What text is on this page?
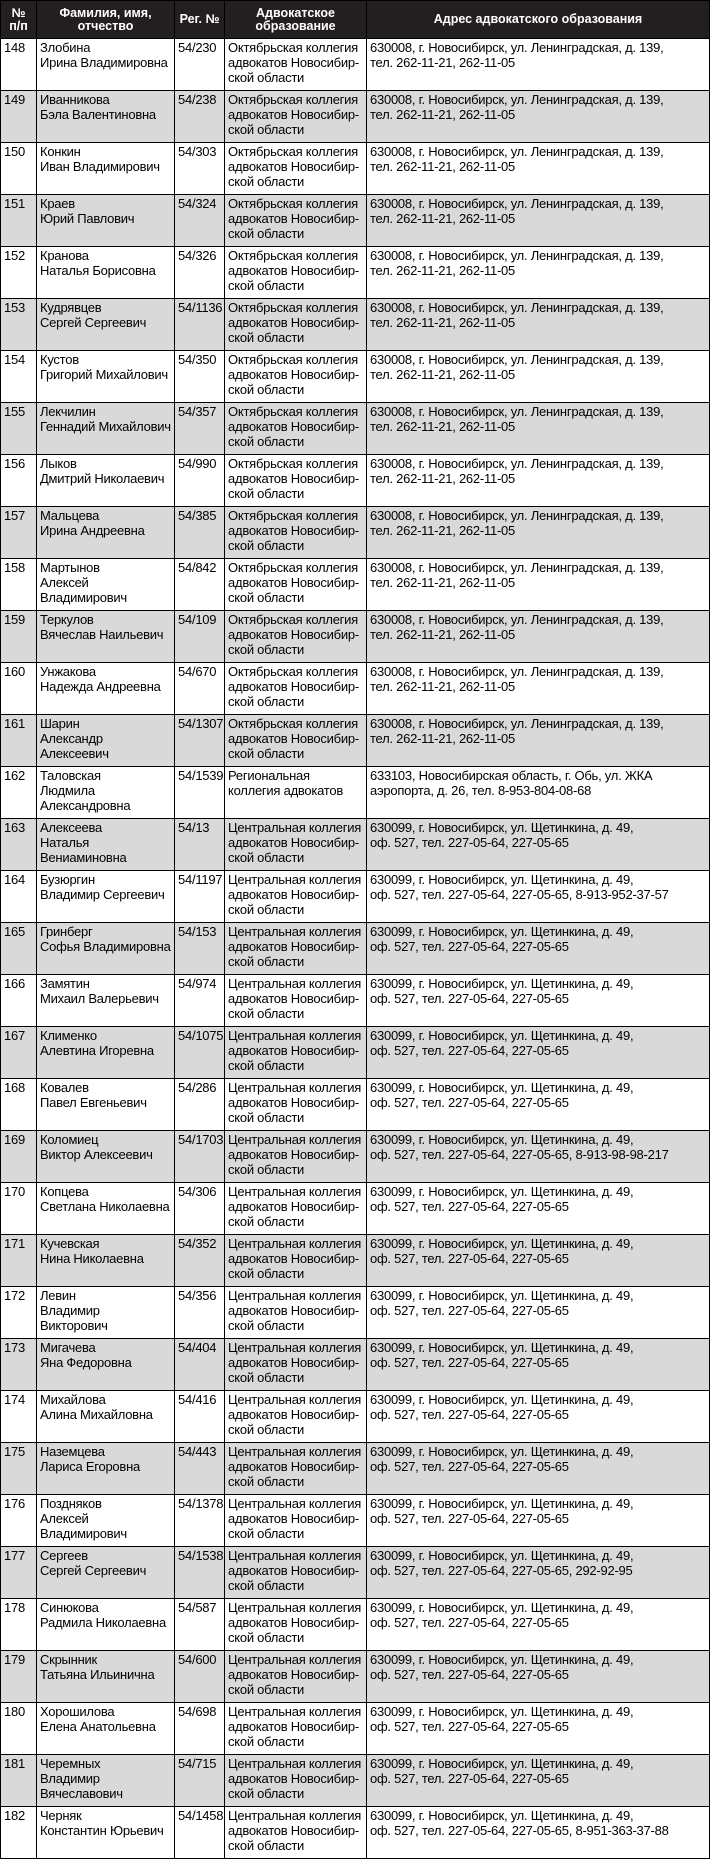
№
п/п	Фамилия, имя,
отчество	Рег. №	Адвокатское
образование	Адрес адвокатского образования

148	Злобина
Ирина Владимировна	54/230	Октябрьская коллегия
адвокатов Новосибир-
ской области	630008, г. Новосибирск, ул. Ленинградская, д. 139,
тел. 262-11-21, 262-11-05

149	Иванникова
Бэла Валентиновна	54/238	Октябрьская коллегия
адвокатов Новосибир-
ской области	630008, г. Новосибирск, ул. Ленинградская, д. 139,
тел. 262-11-21, 262-11-05

150	Конкин
Иван Владимирович	54/303	Октябрьская коллегия
адвокатов Новосибир-
ской области	630008, г. Новосибирск, ул. Ленинградская, д. 139,
тел. 262-11-21, 262-11-05

151	Краев
Юрий Павлович	54/324	Октябрьская коллегия
адвокатов Новосибир-
ской области	630008, г. Новосибирск, ул. Ленинградская, д. 139,
тел. 262-11-21, 262-11-05

152	Кранова
Наталья Борисовна	54/326	Октябрьская коллегия
адвокатов Новосибир-
ской области	630008, г. Новосибирск, ул. Ленинградская, д. 139,
тел. 262-11-21, 262-11-05

153	Кудрявцев
Сергей Сергеевич	54/1136	Октябрьская коллегия
адвокатов Новосибир-
ской области	630008, г. Новосибирск, ул. Ленинградская, д. 139,
тел. 262-11-21, 262-11-05

154	Кустов
Григорий Михайлович	54/350	Октябрьская коллегия
адвокатов Новосибир-
ской области	630008, г. Новосибирск, ул. Ленинградская, д. 139,
тел. 262-11-21, 262-11-05

155	Лекчилин
Геннадий Михайлович	54/357	Октябрьская коллегия
адвокатов Новосибир-
ской области	630008, г. Новосибирск, ул. Ленинградская, д. 139,
тел. 262-11-21, 262-11-05

156	Лыков
Дмитрий Николаевич	54/990	Октябрьская коллегия
адвокатов Новосибир-
ской области	630008, г. Новосибирск, ул. Ленинградская, д. 139,
тел. 262-11-21, 262-11-05

157	Мальцева
Ирина Андреевна	54/385	Октябрьская коллегия
адвокатов Новосибир-
ской области	630008, г. Новосибирск, ул. Ленинградская, д. 139,
тел. 262-11-21, 262-11-05

158	Мартынов
Алексей
Владимирович	54/842	Октябрьская коллегия
адвокатов Новосибир-
ской области	630008, г. Новосибирск, ул. Ленинградская, д. 139,
тел. 262-11-21, 262-11-05

159	Теркулов
Вячеслав Наильевич	54/109	Октябрьская коллегия
адвокатов Новосибир-
ской области	630008, г. Новосибирск, ул. Ленинградская, д. 139,
тел. 262-11-21, 262-11-05

160	Унжакова
Надежда Андреевна	54/670	Октябрьская коллегия
адвокатов Новосибир-
ской области	630008, г. Новосибирск, ул. Ленинградская, д. 139,
тел. 262-11-21, 262-11-05

161	Шарин
Александр
Алексеевич	54/1307	Октябрьская коллегия
адвокатов Новосибир-
ской области	630008, г. Новосибирск, ул. Ленинградская, д. 139,
тел. 262-11-21, 262-11-05

162	Таловская
Людмила
Александровна	54/1539	Региональная
коллегия адвокатов	633103, Новосибирская область, г. Обь, ул. ЖКА
аэропорта, д. 26, тел. 8-953-804-08-68

163	Алексеева
Наталья
Вениаминовна	54/13	Центральная коллегия
адвокатов Новосибир-
ской области	630099, г. Новосибирск, ул. Щетинкина, д. 49,
оф. 527, тел. 227-05-64, 227-05-65

164	Бузюргин
Владимир Сергеевич	54/1197	Центральная коллегия
адвокатов Новосибир-
ской области	630099, г. Новосибирск, ул. Щетинкина, д. 49,
оф. 527, тел. 227-05-64, 227-05-65, 8-913-952-37-57

165	Гринберг
Софья Владимировна	54/153	Центральная коллегия
адвокатов Новосибир-
ской области	630099, г. Новосибирск, ул. Щетинкина, д. 49,
оф. 527, тел. 227-05-64, 227-05-65

166	Замятин
Михаил Валерьевич	54/974	Центральная коллегия
адвокатов Новосибир-
ской области	630099, г. Новосибирск, ул. Щетинкина, д. 49,
оф. 527, тел. 227-05-64, 227-05-65

167	Клименко
Алевтина Игоревна	54/1075	Центральная коллегия
адвокатов Новосибир-
ской области	630099, г. Новосибирск, ул. Щетинкина, д. 49,
оф. 527, тел. 227-05-64, 227-05-65

168	Ковалев
Павел Евгеньевич	54/286	Центральная коллегия
адвокатов Новосибир-
ской области	630099, г. Новосибирск, ул. Щетинкина, д. 49,
оф. 527, тел. 227-05-64, 227-05-65

169	Коломиец
Виктор Алексеевич	54/1703	Центральная коллегия
адвокатов Новосибир-
ской области	630099, г. Новосибирск, ул. Щетинкина, д. 49,
оф. 527, тел. 227-05-64, 227-05-65, 8-913-98-98-217

170	Копцева
Светлана Николаевна	54/306	Центральная коллегия
адвокатов Новосибир-
ской области	630099, г. Новосибирск, ул. Щетинкина, д. 49,
оф. 527, тел. 227-05-64, 227-05-65

171	Кучевская
Нина Николаевна	54/352	Центральная коллегия
адвокатов Новосибир-
ской области	630099, г. Новосибирск, ул. Щетинкина, д. 49,
оф. 527, тел. 227-05-64, 227-05-65

172	Левин
Владимир
Викторович	54/356	Центральная коллегия
адвокатов Новосибир-
ской области	630099, г. Новосибирск, ул. Щетинкина, д. 49,
оф. 527, тел. 227-05-64, 227-05-65

173	Мигачева
Яна Федоровна	54/404	Центральная коллегия
адвокатов Новосибир-
ской области	630099, г. Новосибирск, ул. Щетинкина, д. 49,
оф. 527, тел. 227-05-64, 227-05-65

174	Михайлова
Алина Михайловна	54/416	Центральная коллегия
адвокатов Новосибир-
ской области	630099, г. Новосибирск, ул. Щетинкина, д. 49,
оф. 527, тел. 227-05-64, 227-05-65

175	Наземцева
Лариса Егоровна	54/443	Центральная коллегия
адвокатов Новосибир-
ской области	630099, г. Новосибирск, ул. Щетинкина, д. 49,
оф. 527, тел. 227-05-64, 227-05-65

176	Поздняков
Алексей
Владимирович	54/1378	Центральная коллегия
адвокатов Новосибир-
ской области	630099, г. Новосибирск, ул. Щетинкина, д. 49,
оф. 527, тел. 227-05-64, 227-05-65

177	Сергеев
Сергей Сергеевич	54/1538	Центральная коллегия
адвокатов Новосибир-
ской области	630099, г. Новосибирск, ул. Щетинкина, д. 49,
оф. 527, тел. 227-05-64, 227-05-65, 292-92-95

178	Синюкова
Радмила Николаевна	54/587	Центральная коллегия
адвокатов Новосибир-
ской области	630099, г. Новосибирск, ул. Щетинкина, д. 49,
оф. 527, тел. 227-05-64, 227-05-65

179	Скрынник
Татьяна Ильинична	54/600	Центральная коллегия
адвокатов Новосибир-
ской области	630099, г. Новосибирск, ул. Щетинкина, д. 49,
оф. 527, тел. 227-05-64, 227-05-65

180	Хорошилова
Елена Анатольевна	54/698	Центральная коллегия
адвокатов Новосибир-
ской области	630099, г. Новосибирск, ул. Щетинкина, д. 49,
оф. 527, тел. 227-05-64, 227-05-65

181	Черемных
Владимир
Вячеславович	54/715	Центральная коллегия
адвокатов Новосибир-
ской области	630099, г. Новосибирск, ул. Щетинкина, д. 49,
оф. 527, тел. 227-05-64, 227-05-65

182	Черняк
Константин Юрьевич	54/1458	Центральная коллегия
адвокатов Новосибир-
ской области	630099, г. Новосибирск, ул. Щетинкина, д. 49,
оф. 527, тел. 227-05-64, 227-05-65, 8-951-363-37-88
